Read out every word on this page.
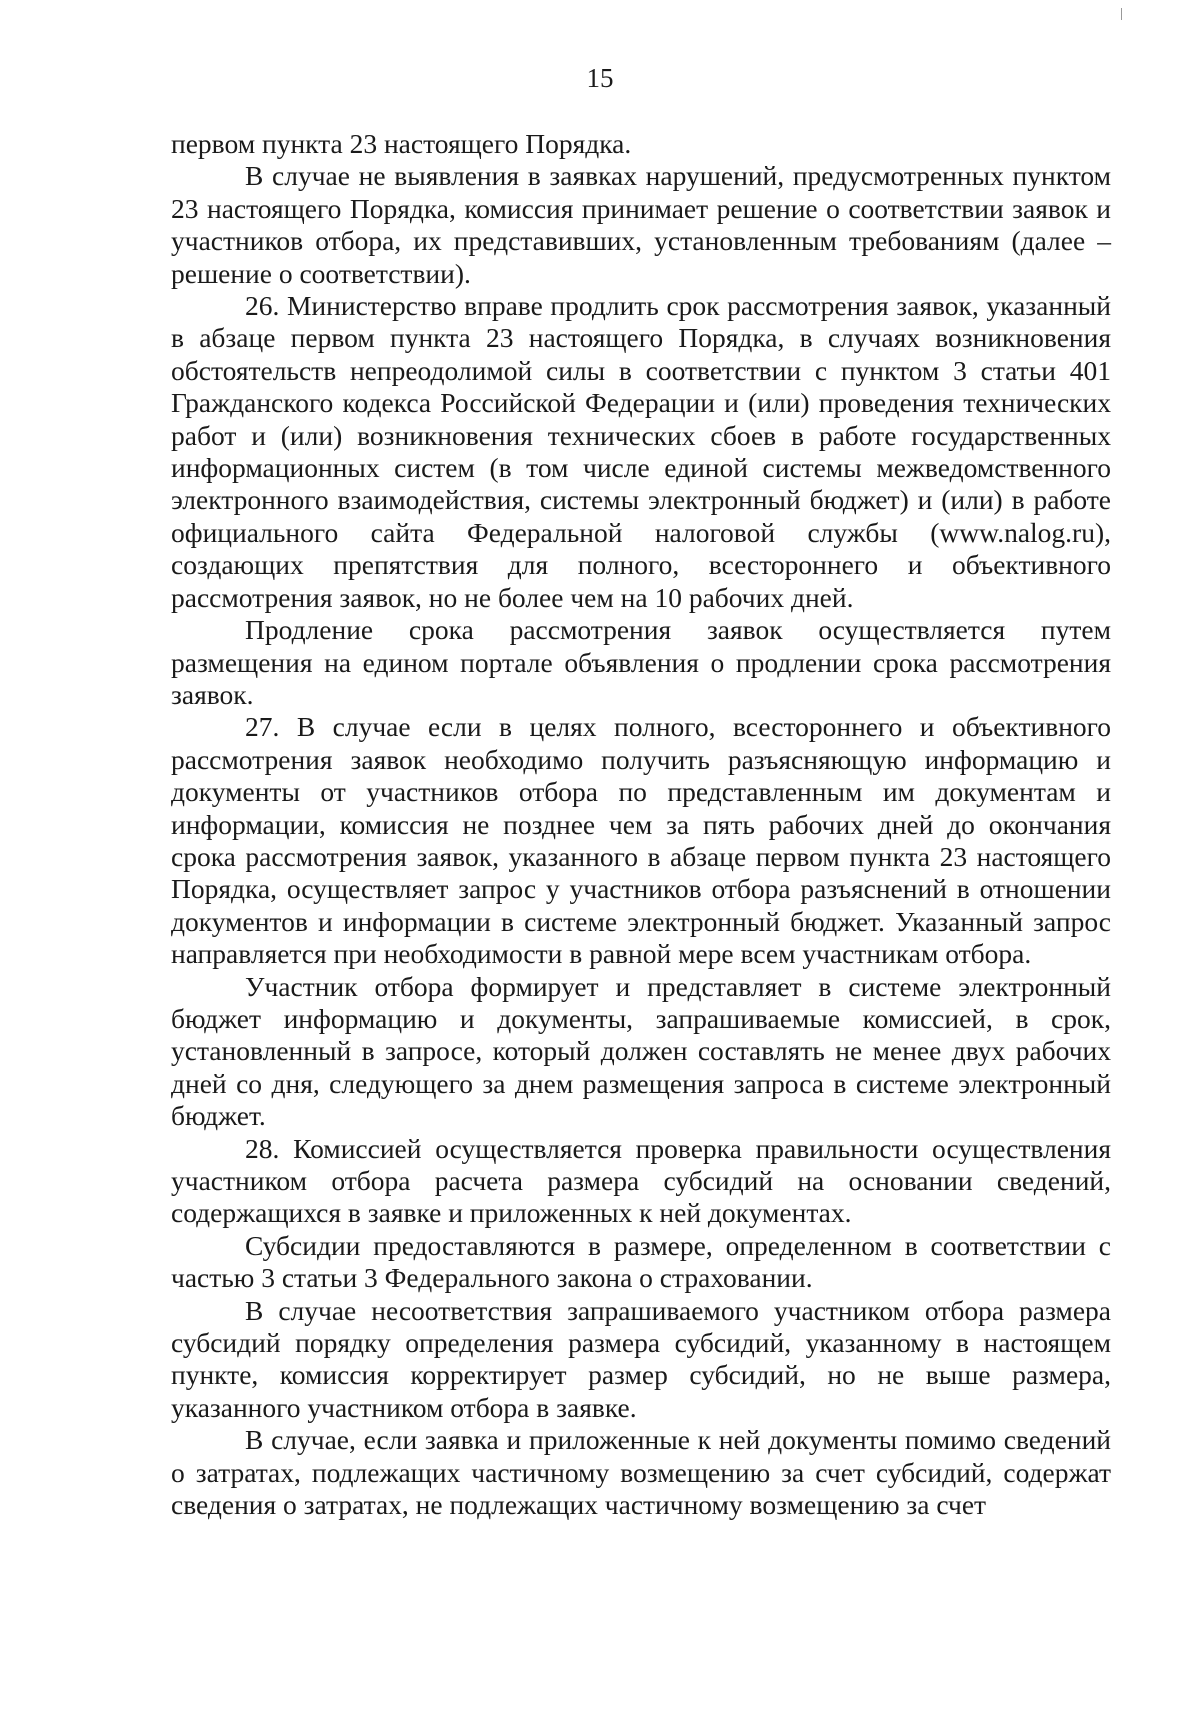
15

первом пункта 23 настоящего Порядка.

В случае не выявления в заявках нарушений, предусмотренных пунктом 23 настоящего Порядка, комиссия принимает решение о соответствии заявок и участников отбора, их представивших, установленным требованиям (далее – решение о соответствии).

26. Министерство вправе продлить срок рассмотрения заявок, указанный в абзаце первом пункта 23 настоящего Порядка, в случаях возникновения обстоятельств непреодолимой силы в соответствии с пунктом 3 статьи 401 Гражданского кодекса Российской Федерации и (или) проведения технических работ и (или) возникновения технических сбоев в работе государственных информационных систем (в том числе единой системы межведомственного электронного взаимодействия, системы электронный бюджет) и (или) в работе официального сайта Федеральной налоговой службы (www.nalog.ru), создающих препятствия для полного, всестороннего и объективного рассмотрения заявок, но не более чем на 10 рабочих дней.

Продление срока рассмотрения заявок осуществляется путем размещения на едином портале объявления о продлении срока рассмотрения заявок.

27. В случае если в целях полного, всестороннего и объективного рассмотрения заявок необходимо получить разъясняющую информацию и документы от участников отбора по представленным им документам и информации, комиссия не позднее чем за пять рабочих дней до окончания срока рассмотрения заявок, указанного в абзаце первом пункта 23 настоящего Порядка, осуществляет запрос у участников отбора разъяснений в отношении документов и информации в системе электронный бюджет. Указанный запрос направляется при необходимости в равной мере всем участникам отбора.

Участник отбора формирует и представляет в системе электронный бюджет информацию и документы, запрашиваемые комиссией, в срок, установленный в запросе, который должен составлять не менее двух рабочих дней со дня, следующего за днем размещения запроса в системе электронный бюджет.

28. Комиссией осуществляется проверка правильности осуществления участником отбора расчета размера субсидий на основании сведений, содержащихся в заявке и приложенных к ней документах.

Субсидии предоставляются в размере, определенном в соответствии с частью 3 статьи 3 Федерального закона о страховании.

В случае несоответствия запрашиваемого участником отбора размера субсидий порядку определения размера субсидий, указанному в настоящем пункте, комиссия корректирует размер субсидий, но не выше размера, указанного участником отбора в заявке.

В случае, если заявка и приложенные к ней документы помимо сведений о затратах, подлежащих частичному возмещению за счет субсидий, содержат сведения о затратах, не подлежащих частичному возмещению за счет
